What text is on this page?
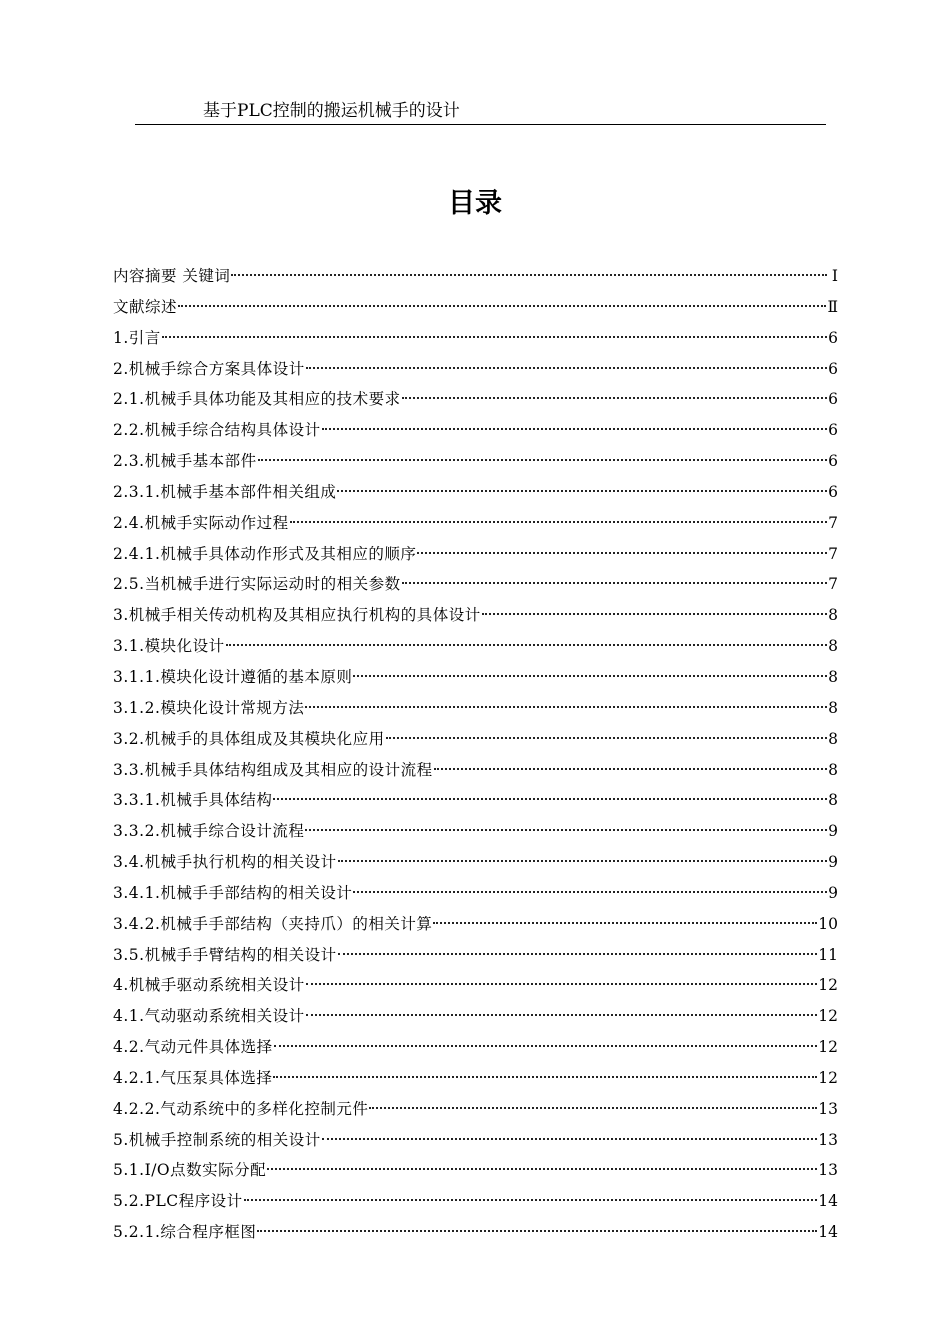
基于PLC控制的搬运机械手的设计
目录
内容摘要 关键词	I
文献综述	Ⅱ
1.引言	6
2.机械手综合方案具体设计	6
2.1.机械手具体功能及其相应的技术要求	6
2.2.机械手综合结构具体设计	6
2.3.机械手基本部件	6
2.3.1.机械手基本部件相关组成	6
2.4.机械手实际动作过程	7
2.4.1.机械手具体动作形式及其相应的顺序	7
2.5.当机械手进行实际运动时的相关参数	7
3.机械手相关传动机构及其相应执行机构的具体设计	8
3.1.模块化设计	8
3.1.1.模块化设计遵循的基本原则	8
3.1.2.模块化设计常规方法	8
3.2.机械手的具体组成及其模块化应用	8
3.3.机械手具体结构组成及其相应的设计流程	8
3.3.1.机械手具体结构	8
3.3.2.机械手综合设计流程	9
3.4.机械手执行机构的相关设计	9
3.4.1.机械手手部结构的相关设计	9
3.4.2.机械手手部结构（夹持爪）的相关计算	10
3.5.机械手手臂结构的相关设计	11
4.机械手驱动系统相关设计	12
4.1.气动驱动系统相关设计	12
4.2.气动元件具体选择	12
4.2.1.气压泵具体选择	12
4.2.2.气动系统中的多样化控制元件	13
5.机械手控制系统的相关设计	13
5.1.I/O点数实际分配	13
5.2.PLC程序设计	14
5.2.1.综合程序框图	14
